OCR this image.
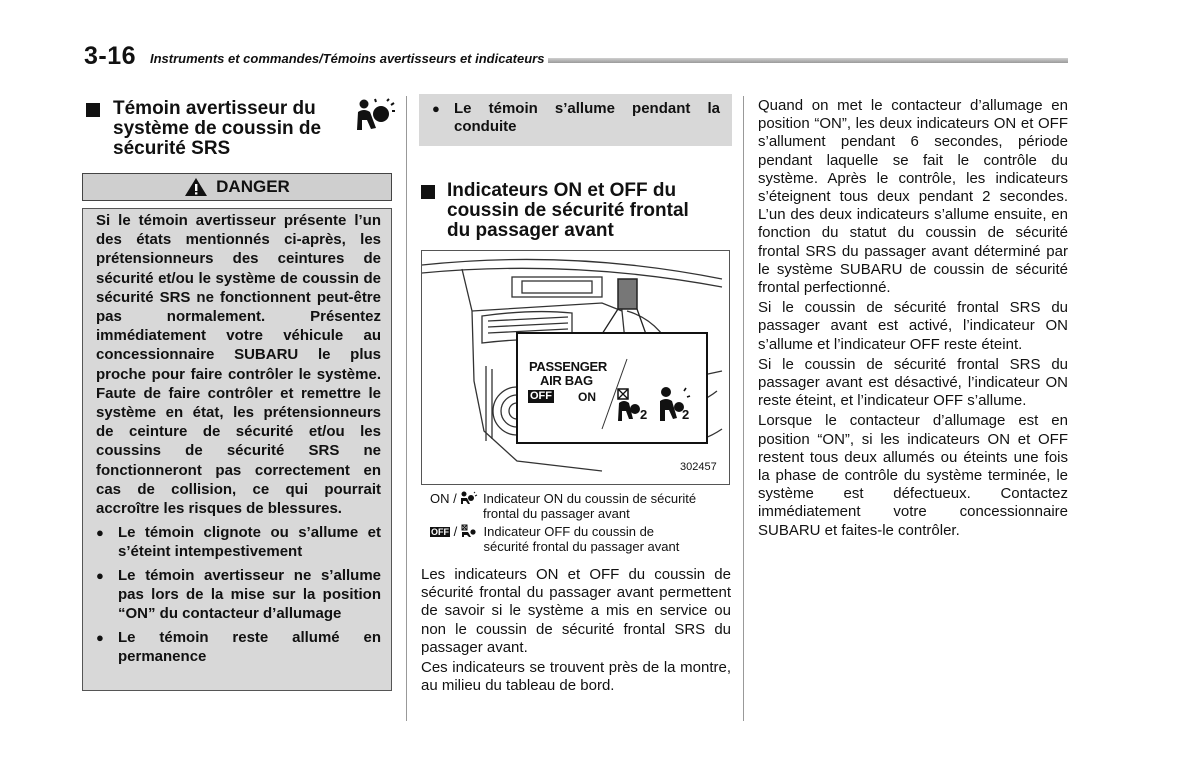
3-16 Instruments et commandes/Témoins avertisseurs et indicateurs
Témoin avertisseur du
système de coussin de
sécurité SRS
DANGER
Si le témoin avertisseur présente l’un des états mentionnés ci-après, les prétensionneurs des ceintures de sécurité et/ou le système de coussin de sécurité SRS ne fonctionnent peut-être pas normalement. Présentez immédiatement votre véhicule au concessionnaire SUBARU le plus proche pour faire contrôler le système. Faute de faire contrôler et remettre le système en état, les prétensionneurs de ceinture de sécurité et/ou les coussins de sécurité SRS ne fonctionneront pas correctement en cas de collision, ce qui pourrait accroître les risques de blessures.
● Le témoin clignote ou s’allume et s’éteint intempestivement
● Le témoin avertisseur ne s’allume pas lors de la mise sur la position “ON” du contacteur d’allumage
● Le témoin reste allumé en permanence
● Le témoin s’allume pendant la conduite
Indicateurs ON et OFF du
coussin de sécurité frontal
du passager avant
PASSENGER
AIR BAG
OFF ON
2	2
302457
ON / Indicateur ON du coussin de sécurité
frontal du passager avant
OFF / Indicateur OFF du coussin de
sécurité frontal du passager avant
Les indicateurs ON et OFF du coussin de sécurité frontal du passager avant permettent de savoir si le système a mis en service ou non le coussin de sécurité frontal SRS du passager avant.
Ces indicateurs se trouvent près de la montre, au milieu du tableau de bord.
Quand on met le contacteur d’allumage en position “ON”, les deux indicateurs ON et OFF s’allument pendant 6 secondes, période pendant laquelle se fait le contrôle du système. Après le contrôle, les indicateurs s’éteignent tous deux pendant 2 secondes. L’un des deux indicateurs s’allume ensuite, en fonction du statut du coussin de sécurité frontal SRS du passager avant déterminé par le système SUBARU de coussin de sécurité frontal perfectionné.
Si le coussin de sécurité frontal SRS du passager avant est activé, l’indicateur ON s’allume et l’indicateur OFF reste éteint.
Si le coussin de sécurité frontal SRS du passager avant est désactivé, l’indicateur ON reste éteint, et l’indicateur OFF s’allume.
Lorsque le contacteur d’allumage est en position “ON”, si les indicateurs ON et OFF restent tous deux allumés ou éteints une fois la phase de contrôle du système terminée, le système est défectueux. Contactez immédiatement votre concessionnaire SUBARU et faites-le contrôler.
